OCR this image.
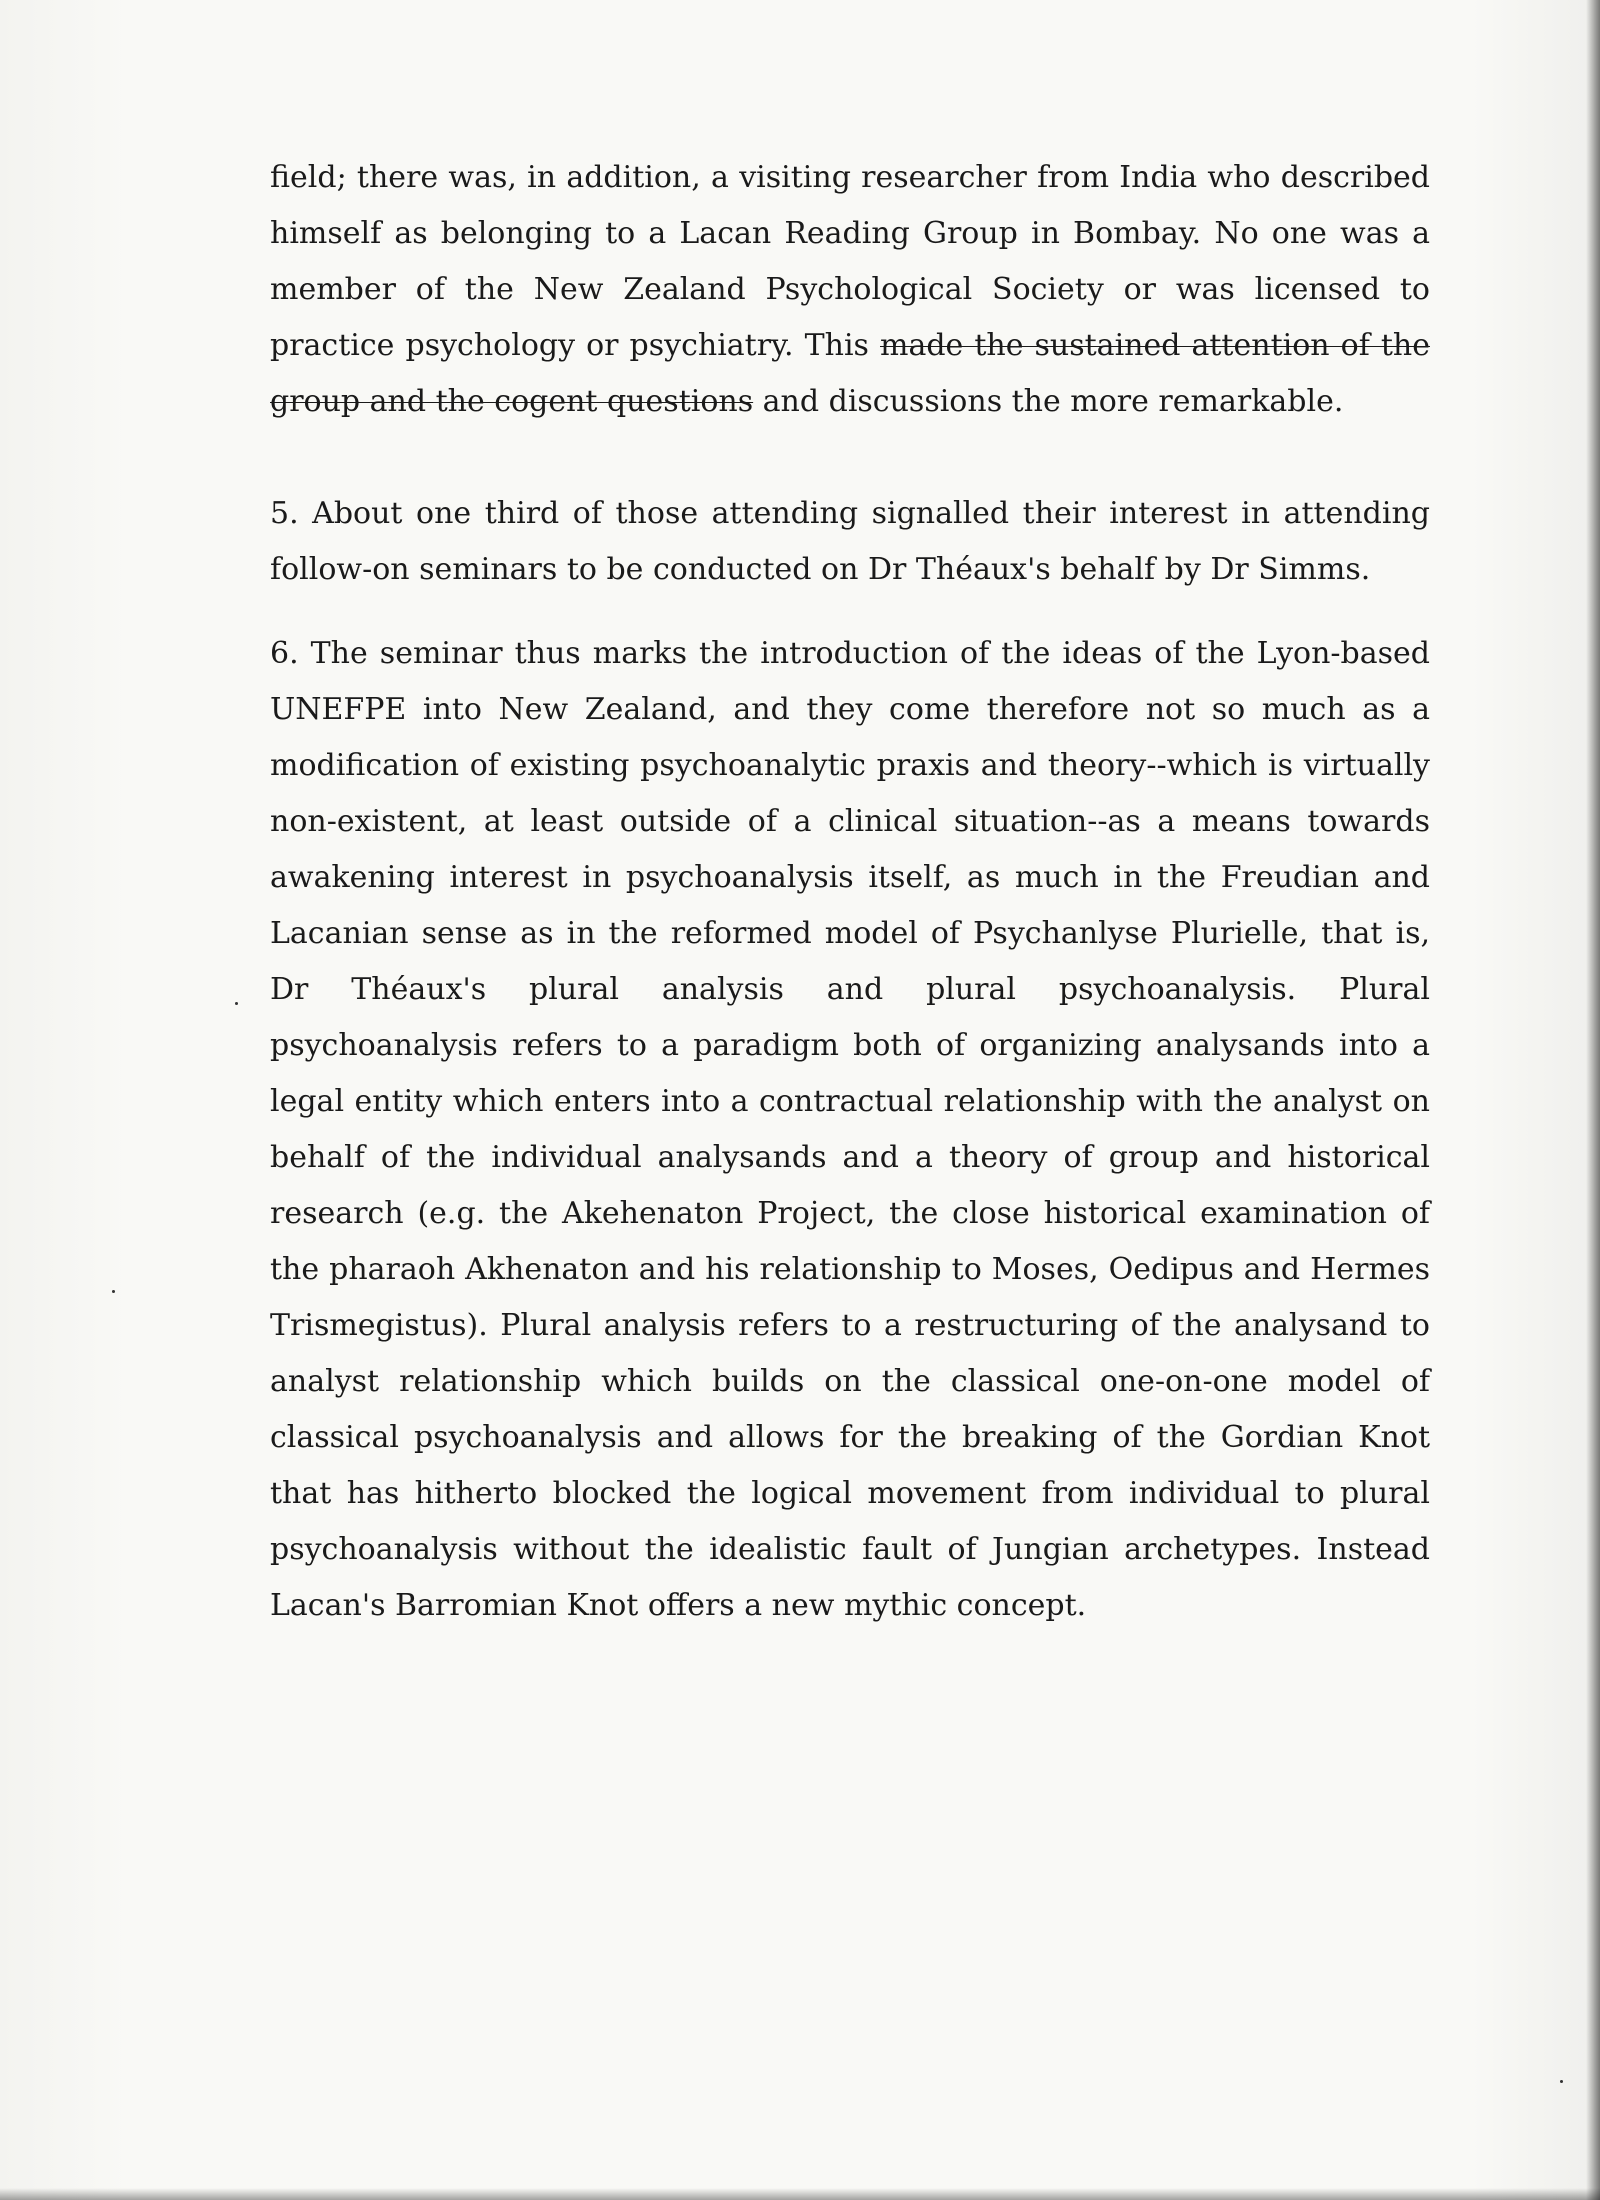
field; there was, in addition, a visiting researcher from India who described himself as belonging to a Lacan Reading Group in Bombay. No one was a member of the New Zealand Psychological Society or was licensed to practice psychology or psychiatry. This made the sustained attention of the group and the cogent questions and discussions the more remarkable.

5. About one third of those attending signalled their interest in attending follow-on seminars to be conducted on Dr Théaux's behalf by Dr Simms.

6. The seminar thus marks the introduction of the ideas of the Lyon-based UNEFPE into New Zealand, and they come therefore not so much as a modification of existing psychoanalytic praxis and theory--which is virtually non-existent, at least outside of a clinical situation--as a means towards awakening interest in psychoanalysis itself, as much in the Freudian and Lacanian sense as in the reformed model of Psychanlyse Plurielle, that is, Dr Théaux's plural analysis and plural psychoanalysis. Plural psychoanalysis refers to a paradigm both of organizing analysands into a legal entity which enters into a contractual relationship with the analyst on behalf of the individual analysands and a theory of group and historical research (e.g. the Akehenaton Project, the close historical examination of the pharaoh Akhenaton and his relationship to Moses, Oedipus and Hermes Trismegistus). Plural analysis refers to a restructuring of the analysand to analyst relationship which builds on the classical one-on-one model of classical psychoanalysis and allows for the breaking of the Gordian Knot that has hitherto blocked the logical movement from individual to plural psychoanalysis without the idealistic fault of Jungian archetypes. Instead Lacan's Barromian Knot offers a new mythic concept.
